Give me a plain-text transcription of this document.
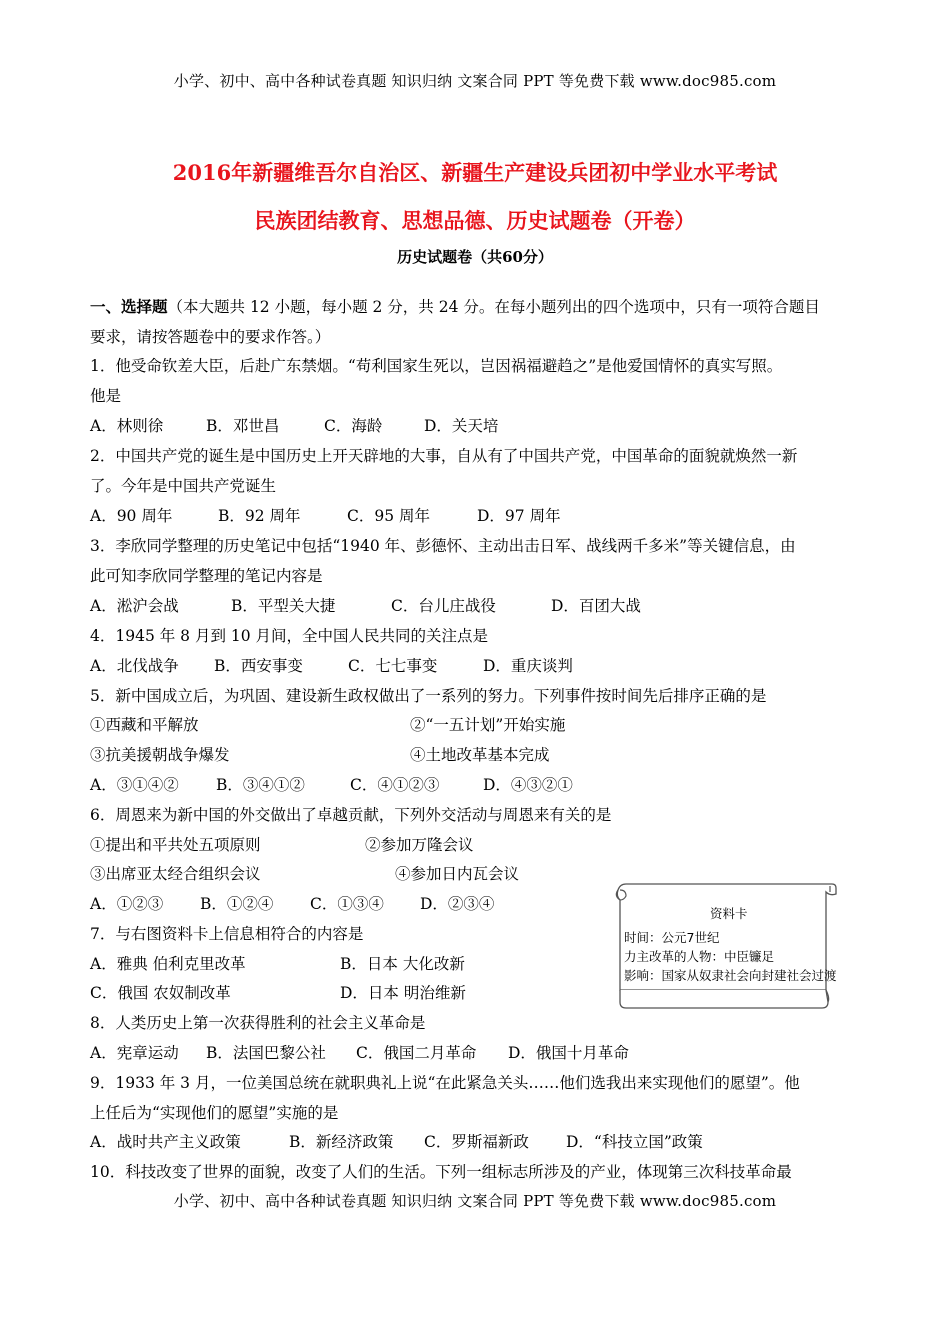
小学、初中、高中各种试卷真题 知识归纳 文案合同 PPT 等免费下载 www.doc985.com
2016年新疆维吾尔自治区、新疆生产建设兵团初中学业水平考试
民族团结教育、思想品德、历史试题卷（开卷）
历史试题卷（共60分）
一、选择题（本大题共 12 小题，每小题 2 分，共 24 分。在每小题列出的四个选项中，只有一项符合题目
要求，请按答题卷中的要求作答。）
1．他受命钦差大臣，后赴广东禁烟。“苟利国家生死以，岂因祸福避趋之”是他爱国情怀的真实写照。
他是
A．林则徐	B．邓世昌	C．海龄	D．关天培
2．中国共产党的诞生是中国历史上开天辟地的大事，自从有了中国共产党，中国革命的面貌就焕然一新
了。今年是中国共产党诞生
A．90 周年	B．92 周年	C．95 周年	D．97 周年
3．李欣同学整理的历史笔记中包括“1940 年、彭德怀、主动出击日军、战线两千多米”等关键信息，由
此可知李欣同学整理的笔记内容是
A．淞沪会战	B．平型关大捷	C．台儿庄战役	D．百团大战
4．1945 年 8 月到 10 月间，全中国人民共同的关注点是
A．北伐战争 B．西安事变	C．七七事变	D．重庆谈判
5．新中国成立后，为巩固、建设新生政权做出了一系列的努力。下列事件按时间先后排序正确的是
①西藏和平解放	②“一五计划”开始实施
③抗美援朝战争爆发	④土地改革基本完成
A．③①④② B．③④①②	C．④①②③	D．④③②①
6．周恩来为新中国的外交做出了卓越贡献，下列外交活动与周恩来有关的是
①提出和平共处五项原则	②参加万隆会议
③出席亚太经合组织会议	④参加日内瓦会议
A．①②③ B．①②④ C．①③④ D．②③④
7．与右图资料卡上信息相符合的内容是
A．雅典 伯利克里改革	B．日本 大化改新
C．俄国 农奴制改革	D．日本 明治维新
资料卡
时间：公元7世纪
力主改革的人物：中臣镰足
影响：国家从奴隶社会向封建社会过渡
8．人类历史上第一次获得胜利的社会主义革命是
A．宪章运动 B．法国巴黎公社 C．俄国二月革命 D．俄国十月革命
9．1933 年 3 月，一位美国总统在就职典礼上说“在此紧急关头……他们选我出来实现他们的愿望”。他
上任后为“实现他们的愿望”实施的是
A．战时共产主义政策	B．新经济政策 C．罗斯福新政 D．“科技立国”政策
10．科技改变了世界的面貌，改变了人们的生活。下列一组标志所涉及的产业，体现第三次科技革命最
小学、初中、高中各种试卷真题 知识归纳 文案合同 PPT 等免费下载 www.doc985.com
